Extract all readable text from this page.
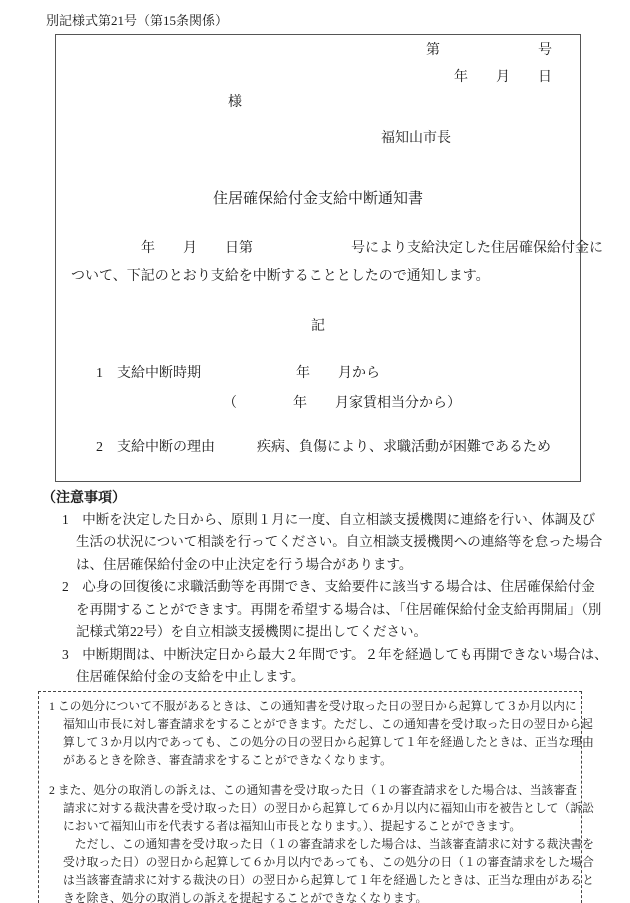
別記様式第21号（第15条関係）
第　　　　　　　号
年　　月　　日
様
福知山市長
住居確保給付金支給中断通知書
年　　月　　日第　　　　　　　号により支給決定した住居確保給付金に
ついて、下記のとおり支給を中断することとしたので通知します。
記
1 支給中断時期	年　　月から
（　　　　年　　月家賃相当分から）
2 支給中断の理由	疾病、負傷により、求職活動が困難であるため
（注意事項）
1　中断を決定した日から、原則１月に一度、自立相談支援機関に連絡を行い、体調及び
生活の状況について相談を行ってください。自立相談支援機関への連絡等を怠った場合
は、住居確保給付金の中止決定を行う場合があります。
2　心身の回復後に求職活動等を再開でき、支給要件に該当する場合は、住居確保給付金
を再開することができます。再開を希望する場合は、「住居確保給付金支給再開届」（別
記様式第22号）を自立相談支援機関に提出してください。
3　中断期間は、中断決定日から最大２年間です。２年を経過しても再開できない場合は、
住居確保給付金の支給を中止します。
1 この処分について不服があるときは、この通知書を受け取った日の翌日から起算して３か月以内に
福知山市長に対し審査請求をすることができます。ただし、この通知書を受け取った日の翌日から起
算して３か月以内であっても、この処分の日の翌日から起算して１年を経過したときは、正当な理由
があるときを除き、審査請求をすることができなくなります。
2 また、処分の取消しの訴えは、この通知書を受け取った日（１の審査請求をした場合は、当該審査
請求に対する裁決書を受け取った日）の翌日から起算して６か月以内に福知山市を被告として（訴訟
において福知山市を代表する者は福知山市長となります。）、提起することができます。
　ただし、この通知書を受け取った日（１の審査請求をした場合は、当該審査請求に対する裁決書を
受け取った日）の翌日から起算して６か月以内であっても、この処分の日（１の審査請求をした場合
は当該審査請求に対する裁決の日）の翌日から起算して１年を経過したときは、正当な理由があると
きを除き、処分の取消しの訴えを提起することができなくなります。
